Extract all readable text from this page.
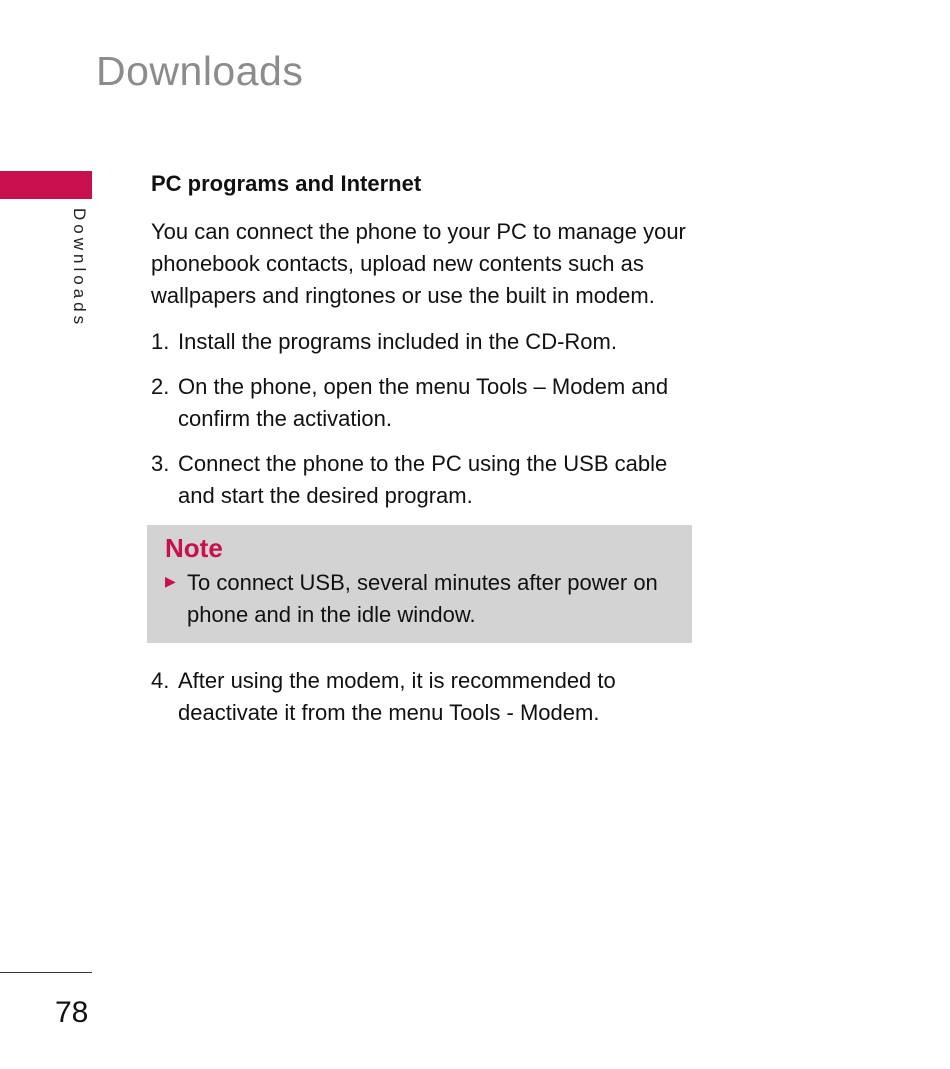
Downloads
Downloads
PC programs and Internet

You can connect the phone to your PC to manage your phonebook contacts, upload new contents such as wallpapers and ringtones or use the built in modem.

1. Install the programs included in the CD-Rom.
2. On the phone, open the menu Tools – Modem and confirm the activation.
3. Connect the phone to the PC using the USB cable and start the desired program.
Note
▶ To connect USB, several minutes after power on phone and in the idle window.
4. After using the modem, it is recommended to deactivate it from the menu Tools - Modem.
78
